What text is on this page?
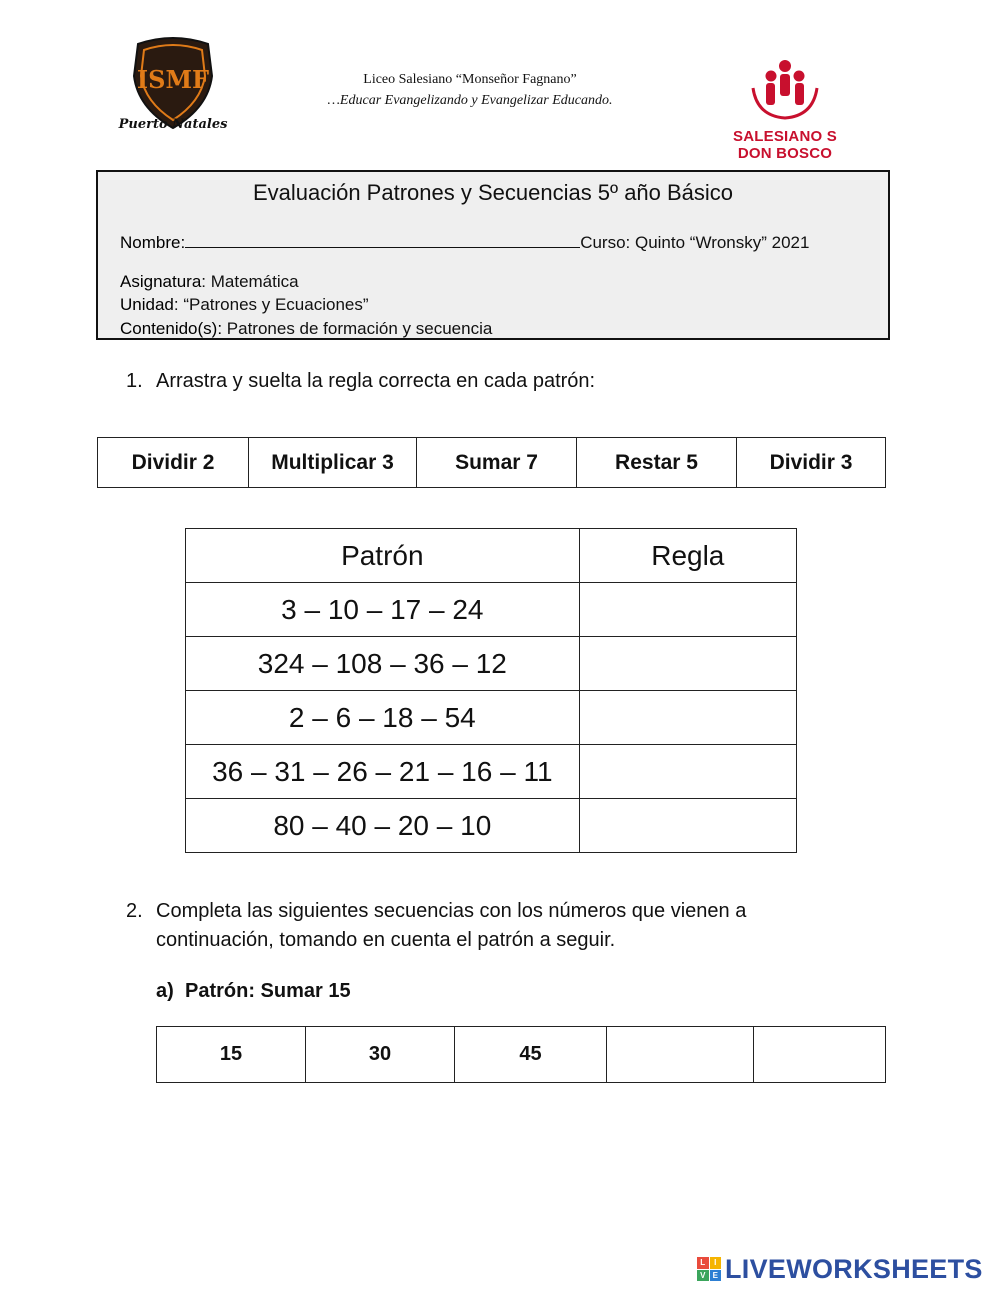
ISMF
Puerto Natales
Liceo Salesiano “Monseñor Fagnano”
…Educar Evangelizando y Evangelizar Educando.
SALESIANO S
DON BOSCO
Evaluación Patrones y Secuencias 5º año Básico
Nombre:	Curso: Quinto “Wronsky” 2021
Asignatura: Matemática
Unidad: “Patrones y Ecuaciones”
Contenido(s): Patrones de formación y secuencia
1. Arrastra y suelta la regla correcta en cada patrón:
Dividir 2	Multiplicar 3	Sumar 7	Restar 5	Dividir 3
Patrón	Regla
3 – 10 – 17 – 24	
324 – 108 – 36 – 12	
2 – 6 – 18 – 54	
36 – 31 – 26 – 21 – 16 – 11	
80 – 40 – 20 – 10	
2. Completa las siguientes secuencias con los números que vienen a continuación, tomando en cuenta el patrón a seguir.
a) Patrón: Sumar 15
15	30	45		
L	I
V E LIVEWORKSHEETS
